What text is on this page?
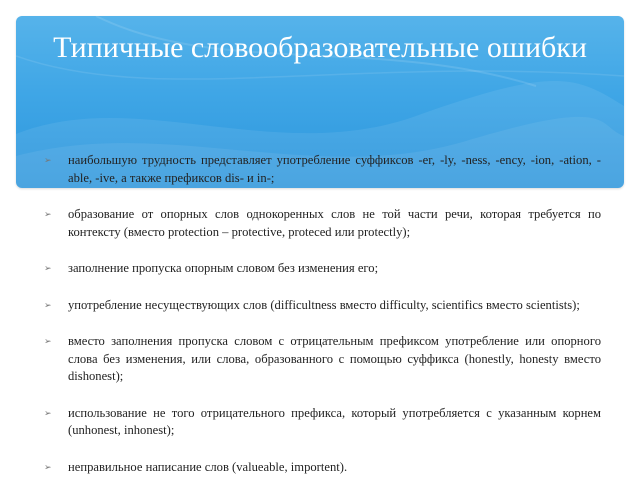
Типичные словообразовательные ошибки
➢ наибольшую трудность представляет употребление суффиксов -er, -ly, -ness, -ency, -ion, -ation, -able, -ive, а также префиксов dis- и in-;
➢ образование от опорных слов однокоренных слов не той части речи, которая требуется по контексту (вместо protection – protective, proteced или protectly);
➢ заполнение пропуска опорным словом без изменения его;
➢ употребление несуществующих слов (difficultness вместо difficulty, scientifics вместо scientists);
➢ вместо заполнения пропуска словом с отрицательным префиксом употребление или опорного слова без изменения, или слова, образованного с помощью суффикса (honestly, honesty вместо dishonest);
➢ использование не того отрицательного префикса, который употребляется с указанным корнем (unhonest, inhonest);
➢ неправильное написание слов (valueable, importent).
